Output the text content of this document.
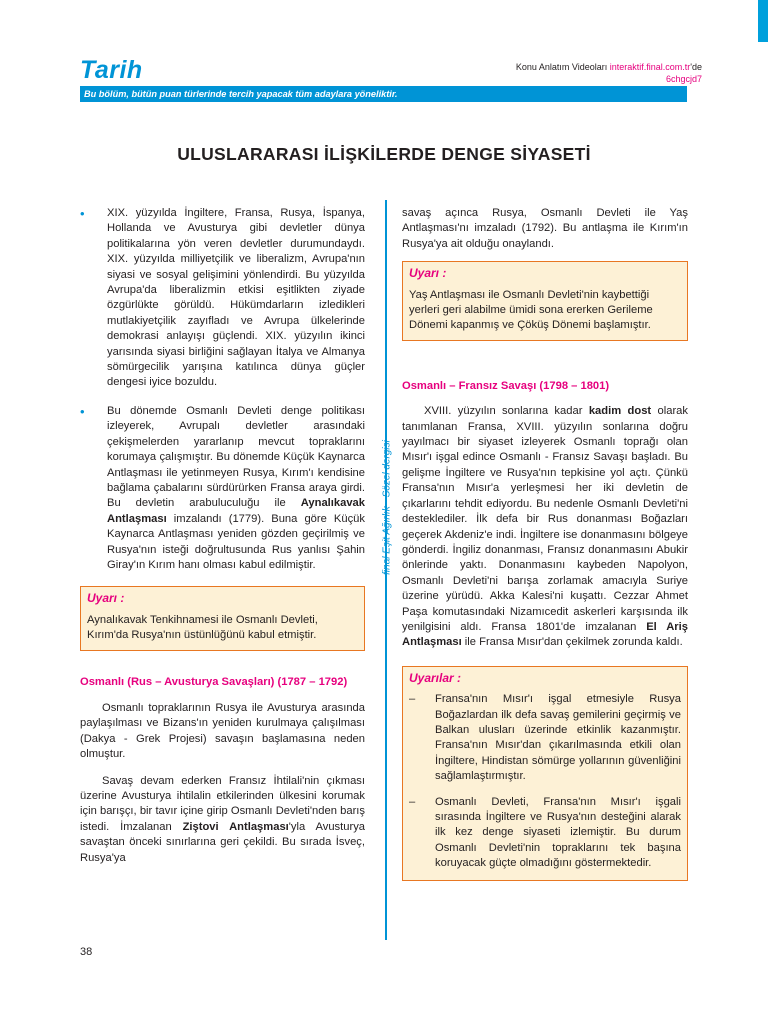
Tarih	Konu Anlatım Videoları interaktif.final.com.tr'de
6chgcjd7
Bu bölüm, bütün puan türlerinde tercih yapacak tüm adaylara yöneliktir.
ULUSLARARASI İLİŞKİLERDE DENGE SİYASETİ
• XIX. yüzyılda İngiltere, Fransa, Rusya, İspanya, Hollanda ve Avusturya gibi devletler dünya politikalarına yön veren devletler durumundaydı. XIX. yüzyılda milliyetçilik ve liberalizm, Avrupa'nın siyasi ve sosyal gelişimini yönlendirdi. Bu yüzyılda Avrupa'da liberalizmin etkisi eşitlikten ziyade özgürlükte görüldü. Hükümdarların izledikleri mutlakiyetçilik zayıfladı ve Avrupa ülkelerinde demokrasi anlayışı güçlendi. XIX. yüzyılın ikinci yarısında siyasi birliğini sağlayan İtalya ve Almanya sömürgecilik yarışına katılınca dünya güçler dengesi iyice bozuldu.
• Bu dönemde Osmanlı Devleti denge politikası izleyerek, Avrupalı devletler arasındaki çekişmelerden yararlanıp mevcut topraklarını korumaya çalışmıştır. Bu dönemde Küçük Kaynarca Antlaşması ile yetinmeyen Rusya, Kırım'ı kendisine bağlama çabalarını sürdürürken Fransa araya girdi. Bu devletin arabuluculuğu ile Aynalıkavak Antlaşması imzalandı (1779). Buna göre Küçük Kaynarca Antlaşması yeniden gözden geçirilmiş ve Rusya'nın isteği doğrultusunda Rus yanlısı Şahin Giray'ın Kırım hanı olması kabul edilmiştir.
Uyarı :

Aynalıkavak Tenkihnamesi ile Osmanlı Devleti, Kırım'da Rusya'nın üstünlüğünü kabul etmiştir.

Osmanlı (Rus – Avusturya Savaşları) (1787 – 1792)

Osmanlı topraklarının Rusya ile Avusturya arasında paylaşılması ve Bizans'ın yeniden kurulmaya çalışılması (Dakya - Grek Projesi) savaşın başlamasına neden olmuştur.

Savaş devam ederken Fransız İhtilali'nin çıkması üzerine Avusturya ihtilalin etkilerinden ülkesini korumak için barışçı, bir tavır içine girip Osmanlı Devleti'nden barış istedi. İmzalanan Ziştovi Antlaşması'yla Avusturya savaştan önceki sınırlarına geri çekildi. Bu sırada İsveç, Rusya'ya

final Eşit Ağırlık - Sözel dergisi

savaş açınca Rusya, Osmanlı Devleti ile Yaş Antlaşması'nı imzaladı (1792). Bu antlaşma ile Kırım'ın Rusya'ya ait olduğu onaylandı.

Uyarı :

Yaş Antlaşması ile Osmanlı Devleti'nin kaybettiği yerleri geri alabilme ümidi sona ererken Gerileme Dönemi kapanmış ve Çöküş Dönemi başlamıştır.

Osmanlı – Fransız Savaşı (1798 – 1801)

XVIII. yüzyılın sonlarına kadar kadim dost olarak tanımlanan Fransa, XVIII. yüzyılın sonlarına doğru yayılmacı bir siyaset izleyerek Osmanlı toprağı olan Mısır'ı işgal edince Osmanlı - Fransız Savaşı başladı. Bu gelişme İngiltere ve Rusya'nın tepkisine yol açtı. Çünkü Fransa'nın Mısır'a yerleşmesi her iki devletin de çıkarlarını tehdit ediyordu. Bu nedenle Osmanlı Devleti'ni desteklediler. İlk defa bir Rus donanması Boğazları geçerek Akdeniz'e indi. İngiltere ise donanmasını bölgeye gönderdi. İngiliz donanması, Fransız donanmasını Abukir önlerinde yaktı. Donanmasını kaybeden Napolyon, Osmanlı Devleti'ni barışa zorlamak amacıyla Suriye üzerine yürüdü. Akka Kalesi'ni kuşattı. Cezzar Ahmet Paşa komutasındaki Nizamıcedit askerleri karşısında ilk yenilgisini aldı. Fransa 1801'de imzalanan El Ariş Antlaşması ile Fransa Mısır'dan çekilmek zorunda kaldı.

Uyarılar :
– Fransa'nın Mısır'ı işgal etmesiyle Rusya Boğazlardan ilk defa savaş gemilerini geçirmiş ve Balkan ulusları üzerinde etkinlik kazanmıştır. Fransa'nın Mısır'dan çıkarılmasında etkili olan İngiltere, Hindistan sömürge yollarının güvenliğini sağlamlaştırmıştır.
– Osmanlı Devleti, Fransa'nın Mısır'ı işgali sırasında İngiltere ve Rusya'nın desteğini alarak ilk kez denge siyaseti izlemiştir. Bu durum Osmanlı Devleti'nin topraklarını tek başına koruyacak güçte olmadığını göstermektedir.
38
